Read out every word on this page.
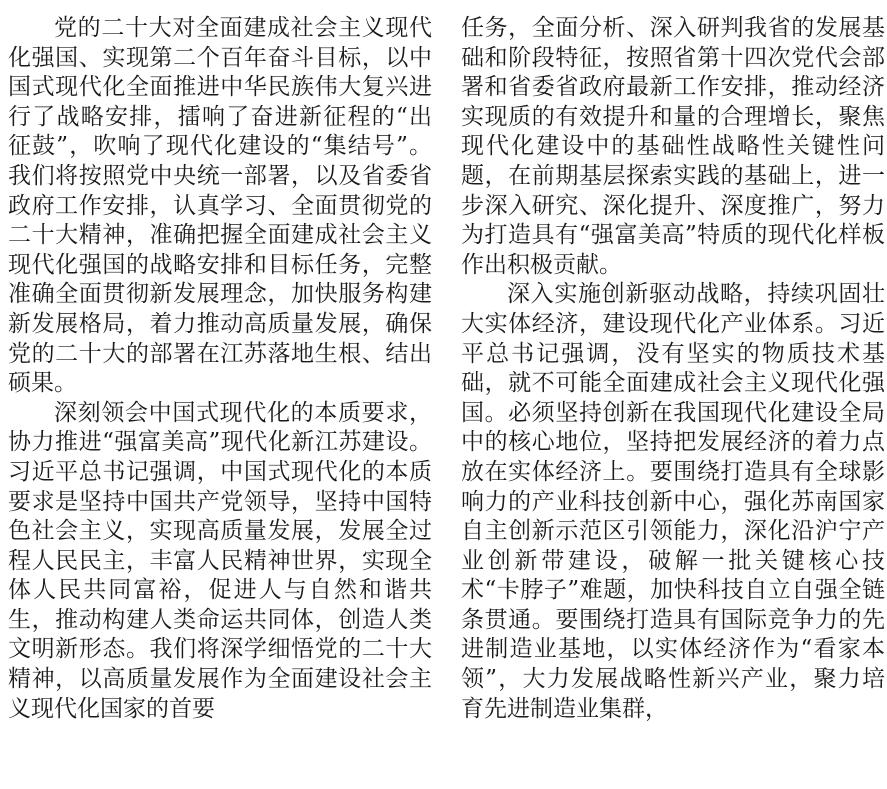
党的二十大对全面建成社会主义现代化强国、实现第二个百年奋斗目标，以中国式现代化全面推进中华民族伟大复兴进行了战略安排，擂响了奋进新征程的“出征鼓”，吹响了现代化建设的“集结号”。我们将按照党中央统一部署，以及省委省政府工作安排，认真学习、全面贯彻党的二十大精神，准确把握全面建成社会主义现代化强国的战略安排和目标任务，完整准确全面贯彻新发展理念，加快服务构建新发展格局，着力推动高质量发展，确保党的二十大的部署在江苏落地生根、结出硕果。

深刻领会中国式现代化的本质要求，协力推进“强富美高”现代化新江苏建设。习近平总书记强调，中国式现代化的本质要求是坚持中国共产党领导，坚持中国特色社会主义，实现高质量发展，发展全过程人民民主，丰富人民精神世界，实现全体人民共同富裕，促进人与自然和谐共生，推动构建人类命运共同体，创造人类文明新形态。我们将深学细悟党的二十大精神，以高质量发展作为全面建设社会主义现代化国家的首要

任务，全面分析、深入研判我省的发展基础和阶段特征，按照省第十四次党代会部署和省委省政府最新工作安排，推动经济实现质的有效提升和量的合理增长，聚焦现代化建设中的基础性战略性关键性问题，在前期基层探索实践的基础上，进一步深入研究、深化提升、深度推广，努力为打造具有“强富美高”特质的现代化样板作出积极贡献。

深入实施创新驱动战略，持续巩固壮大实体经济，建设现代化产业体系。习近平总书记强调，没有坚实的物质技术基础，就不可能全面建成社会主义现代化强国。必须坚持创新在我国现代化建设全局中的核心地位，坚持把发展经济的着力点放在实体经济上。要围绕打造具有全球影响力的产业科技创新中心，强化苏南国家自主创新示范区引领能力，深化沿沪宁产业创新带建设，破解一批关键核心技术“卡脖子”难题，加快科技自立自强全链条贯通。要围绕打造具有国际竞争力的先进制造业基地，以实体经济作为“看家本领”，大力发展战略性新兴产业，聚力培育先进制造业集群，
